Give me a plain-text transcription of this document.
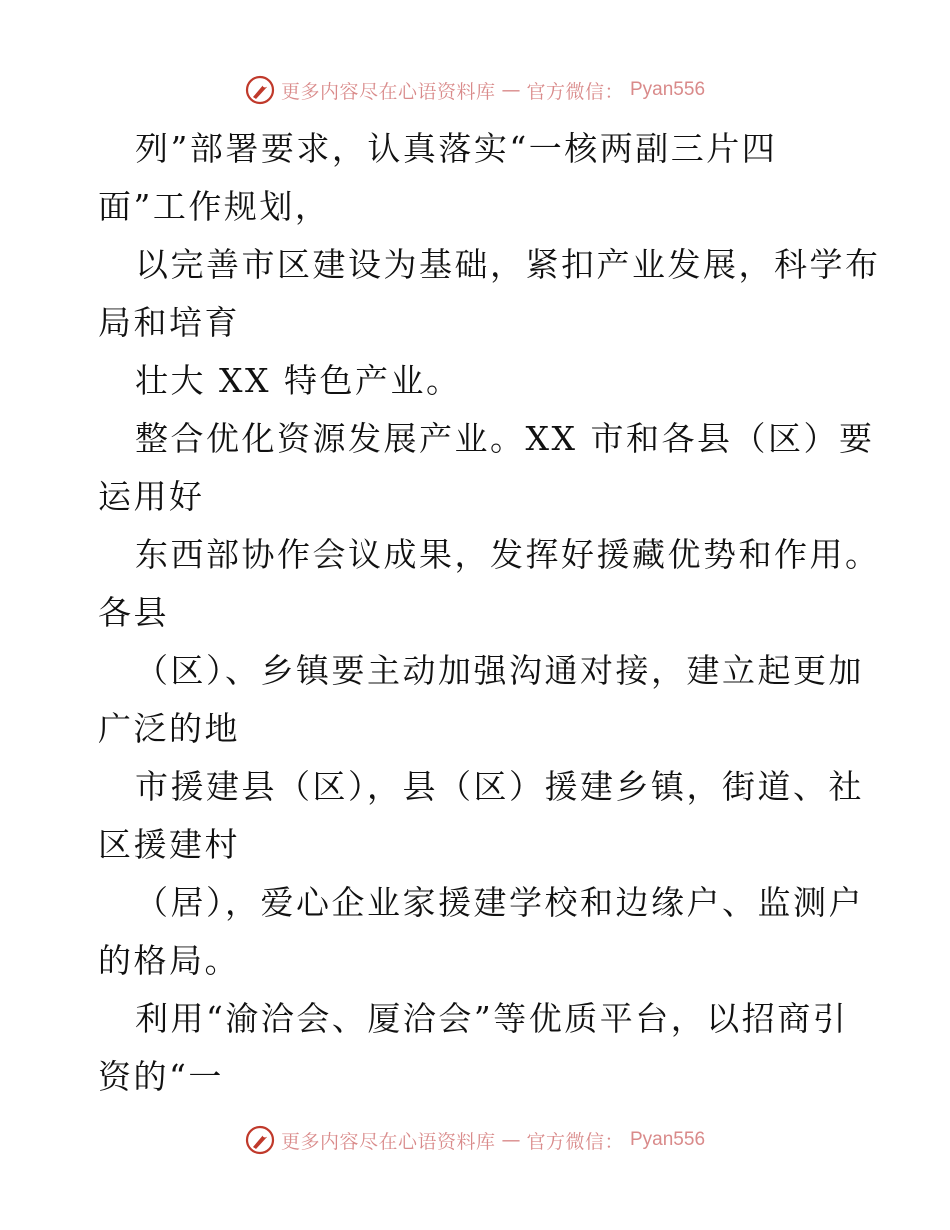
更多内容尽在心语资料库 — 官方微信： Pyan556
列”部署要求，认真落实“一核两副三片四
面”工作规划，
以完善市区建设为基础，紧扣产业发展，科学布
局和培育
壮大 XX 特色产业。
整合优化资源发展产业。XX 市和各县（区）要
运用好
东西部协作会议成果，发挥好援藏优势和作用。
各县
（区）、乡镇要主动加强沟通对接，建立起更加
广泛的地
市援建县（区），县（区）援建乡镇，街道、社
区援建村
（居），爱心企业家援建学校和边缘户、监测户
的格局。
利用“渝洽会、厦洽会”等优质平台，以招商引
资的“一
更多内容尽在心语资料库 — 官方微信： Pyan556
